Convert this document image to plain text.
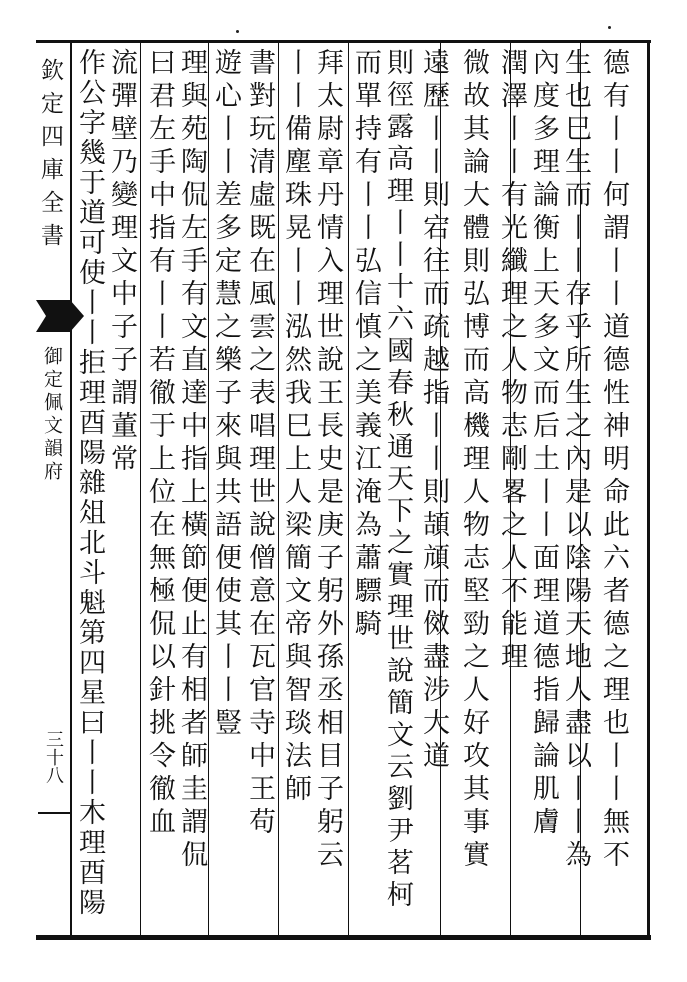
欽定四庫全書
御定佩文韻府
三十八	德有丨丨何謂丨丨道德性神明命此六者德之理也丨丨無不
生也巳生而丨丨存乎所生之內是以陰陽天地人盡以丨丨為
內度多理論衡上天多文而后土丨丨面理道德指歸論肌膚
潤澤丨丨有光纖理之人物志剛畧之人不能理
微故其論大體則弘博而高機理人物志堅勁之人好攻其事實
遠歷丨丨則宕往而疏越指丨丨則頡頏而傚盡涉大道
則徑露高理丨丨十六國春秋通天下之實理世說簡文云劉尹茗柯
而單持有丨丨弘信慎之美義江淹為蕭驃騎
拜太尉章丹情入理世說王長史是庚子躬外孫丞相目子躬云
丨丨備塵珠晃丨丨泓然我巳上人梁簡文帝與智琰法師
書對玩清虛既在風雲之表唱理世說僧意在瓦官寺中王苟
遊心丨丨差多定慧之樂子來與共語便使其丨丨豎
理與苑陶侃左手有文直達中指上橫節便止有相者師圭謂侃
曰君左手中指有丨丨若徹于上位在無極侃以針挑令徹血
流彈壁乃變理文中子子謂董常
作公字幾于道可使丨丨拒理酉陽雜俎北斗魁第四星曰丨丨木理酉陽
